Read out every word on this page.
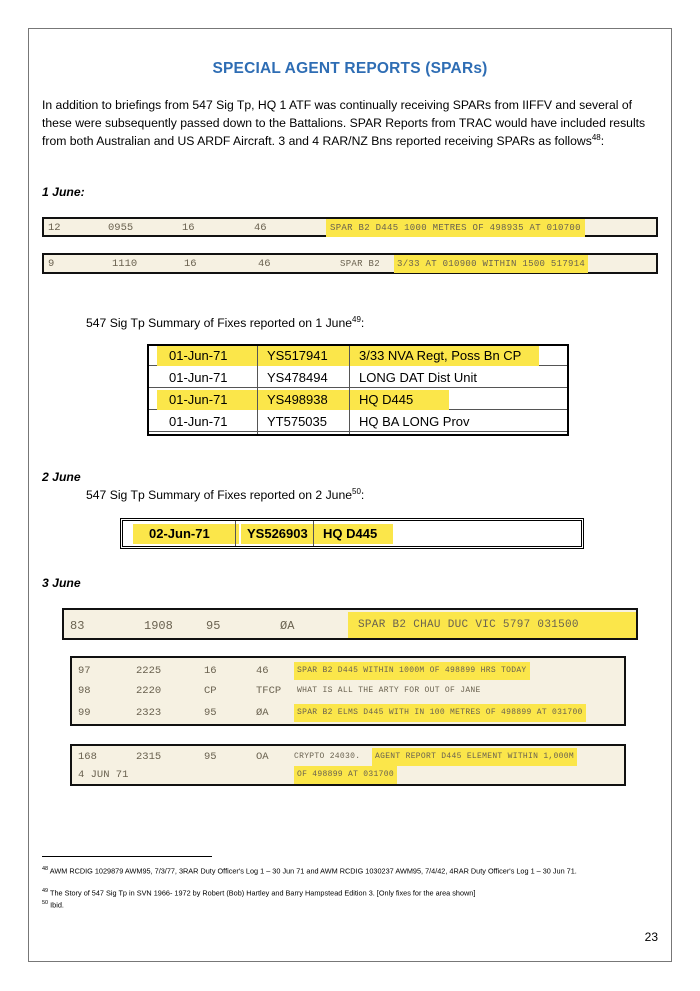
SPECIAL AGENT REPORTS (SPARs)
In addition to briefings from 547 Sig Tp, HQ 1 ATF was continually receiving SPARs from IIFFV and several of these were subsequently passed down to the Battalions. SPAR Reports from TRAC would have included results from both Australian and US ARDF Aircraft. 3 and 4 RAR/NZ Bns reported receiving SPARs as follows$^{48}$:
1 June:
12	0955	16	46	SPAR B2 D445 1000 METRES OF 498935 AT 010700
9	1110	16	46	SPAR B2	3/33 AT 010900 WITHIN 1500 517914
547 Sig Tp Summary of Fixes reported on 1 June$^{49}$:
01-Jun-71	YS517941	3/33 NVA Regt, Poss Bn CP
01-Jun-71	YS478494 LONG DAT Dist Unit
01-Jun-71	YS498938	HQ D445
01-Jun-71	YT575035 HQ BA LONG Prov
2 June
547 Sig Tp Summary of Fixes reported on 2 June$^{50}$:
02-Jun-71	YS526903	HQ D445
3 June
83	1908	95	ØA	SPAR B2 CHAU DUC VIC 5797 031500
97	2225	16	46	SPAR B2 D445 WITHIN 1000M OF 498899 HRS TODAY
98	2220	CP	TFCP	WHAT IS ALL THE ARTY FOR OUT OF JANE
99	2323	95	ØA	SPAR B2 ELMS D445 WITH IN 100 METRES OF 498899 AT 031700
168	2315	95	OA	CRYPTO 24030.	AGENT REPORT D445 ELEMENT WITHIN 1,000M
4 JUN 71	OF 498899 AT 031700
$^{48}$ AWM RCDIG 1029879 AWM95, 7/3/77, 3RAR Duty Officer's Log 1 – 30 Jun 71 and AWM RCDIG 1030237 AWM95, 7/4/42, 4RAR Duty Officer's Log 1 – 30 Jun 71.
$^{49}$ The Story of 547 Sig Tp in SVN 1966- 1972 by Robert (Bob) Hartley and Barry Hampstead Edition 3. [Only fixes for the area shown]
$^{50}$ Ibid.
23
